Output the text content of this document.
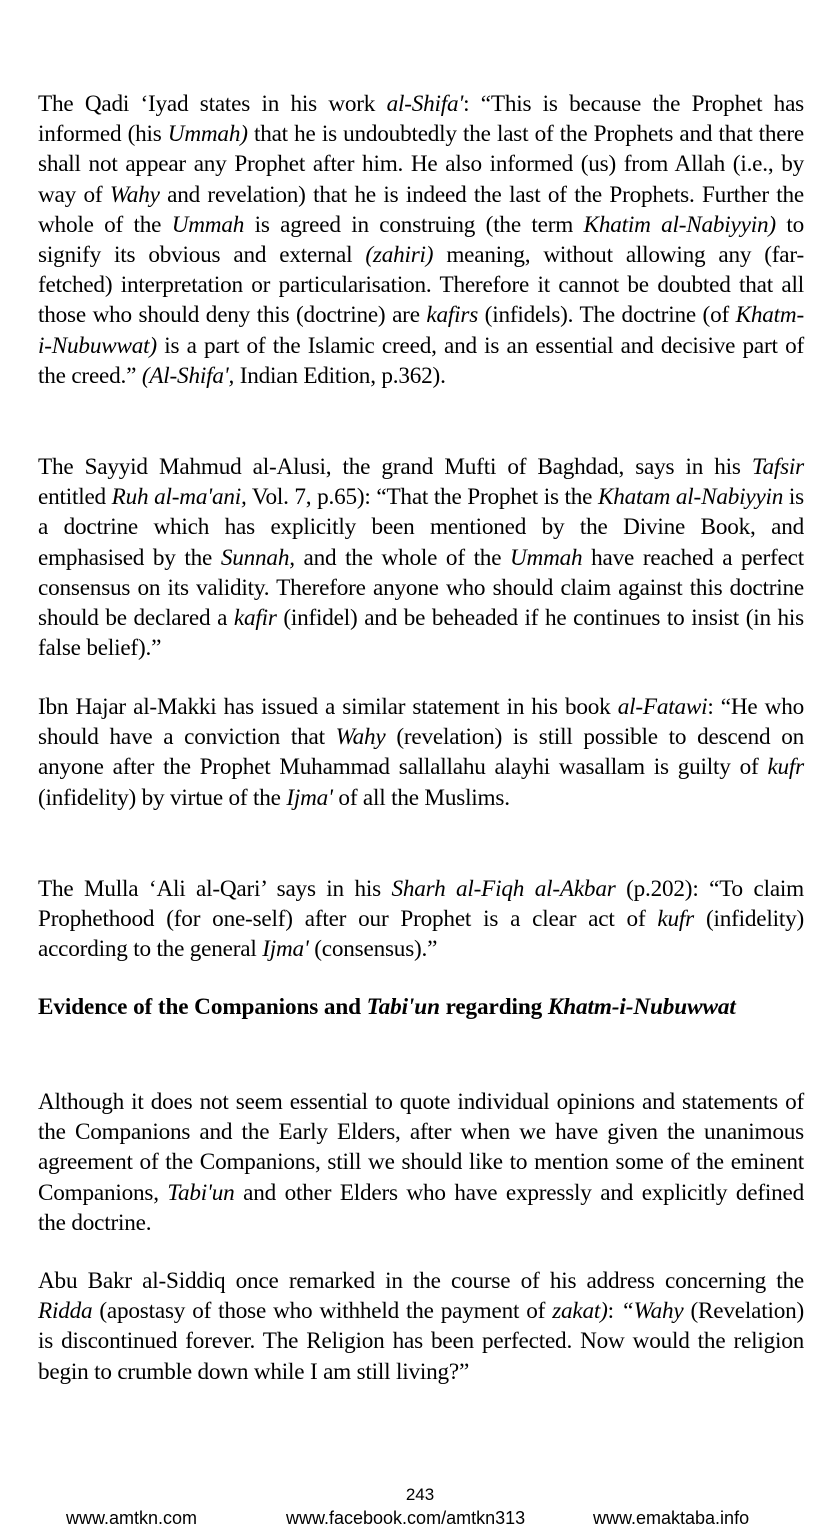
The Qadi ‘Iyad states in his work al-Shifa': “This is because the Prophet has informed (his Ummah) that he is undoubtedly the last of the Prophets and that there shall not appear any Prophet after him. He also informed (us) from Allah (i.e., by way of Wahy and revelation) that he is indeed the last of the Prophets. Further the whole of the Ummah is agreed in construing (the term Khatim al-Nabiyyin) to signify its obvious and external (zahiri) meaning, without allowing any (far-fetched) interpretation or particularisation. Therefore it cannot be doubted that all those who should deny this (doctrine) are kafirs (infidels). The doctrine (of Khatm-i-Nubuwwat) is a part of the Islamic creed, and is an essential and decisive part of the creed.” (Al-Shifa', Indian Edition, p.362).

The Sayyid Mahmud al-Alusi, the grand Mufti of Baghdad, says in his Tafsir entitled Ruh al-ma'ani, Vol. 7, p.65): “That the Prophet is the Khatam al-Nabiyyin is a doctrine which has explicitly been mentioned by the Divine Book, and emphasised by the Sunnah, and the whole of the Ummah have reached a perfect consensus on its validity. Therefore anyone who should claim against this doctrine should be declared a kafir (infidel) and be beheaded if he continues to insist (in his false belief).”

Ibn Hajar al-Makki has issued a similar statement in his book al-Fatawi: “He who should have a conviction that Wahy (revelation) is still possible to descend on anyone after the Prophet Muhammad sallallahu alayhi wasallam is guilty of kufr (infidelity) by virtue of the Ijma' of all the Muslims.

The Mulla ‘Ali al-Qari’ says in his Sharh al-Fiqh al-Akbar (p.202): “To claim Prophethood (for one-self) after our Prophet is a clear act of kufr (infidelity) according to the general Ijma' (consensus).”

Evidence of the Companions and Tabi'un regarding Khatm-i-Nubuwwat

Although it does not seem essential to quote individual opinions and statements of the Companions and the Early Elders, after when we have given the unanimous agreement of the Companions, still we should like to mention some of the eminent Companions, Tabi'un and other Elders who have expressly and explicitly defined the doctrine.

Abu Bakr al-Siddiq once remarked in the course of his address concerning the Ridda (apostasy of those who withheld the payment of zakat): “Wahy (Revelation) is discontinued forever. The Religion has been perfected. Now would the religion begin to crumble down while I am still living?”

243
www.amtkn.com	www.facebook.com/amtkn313	www.emaktaba.info
